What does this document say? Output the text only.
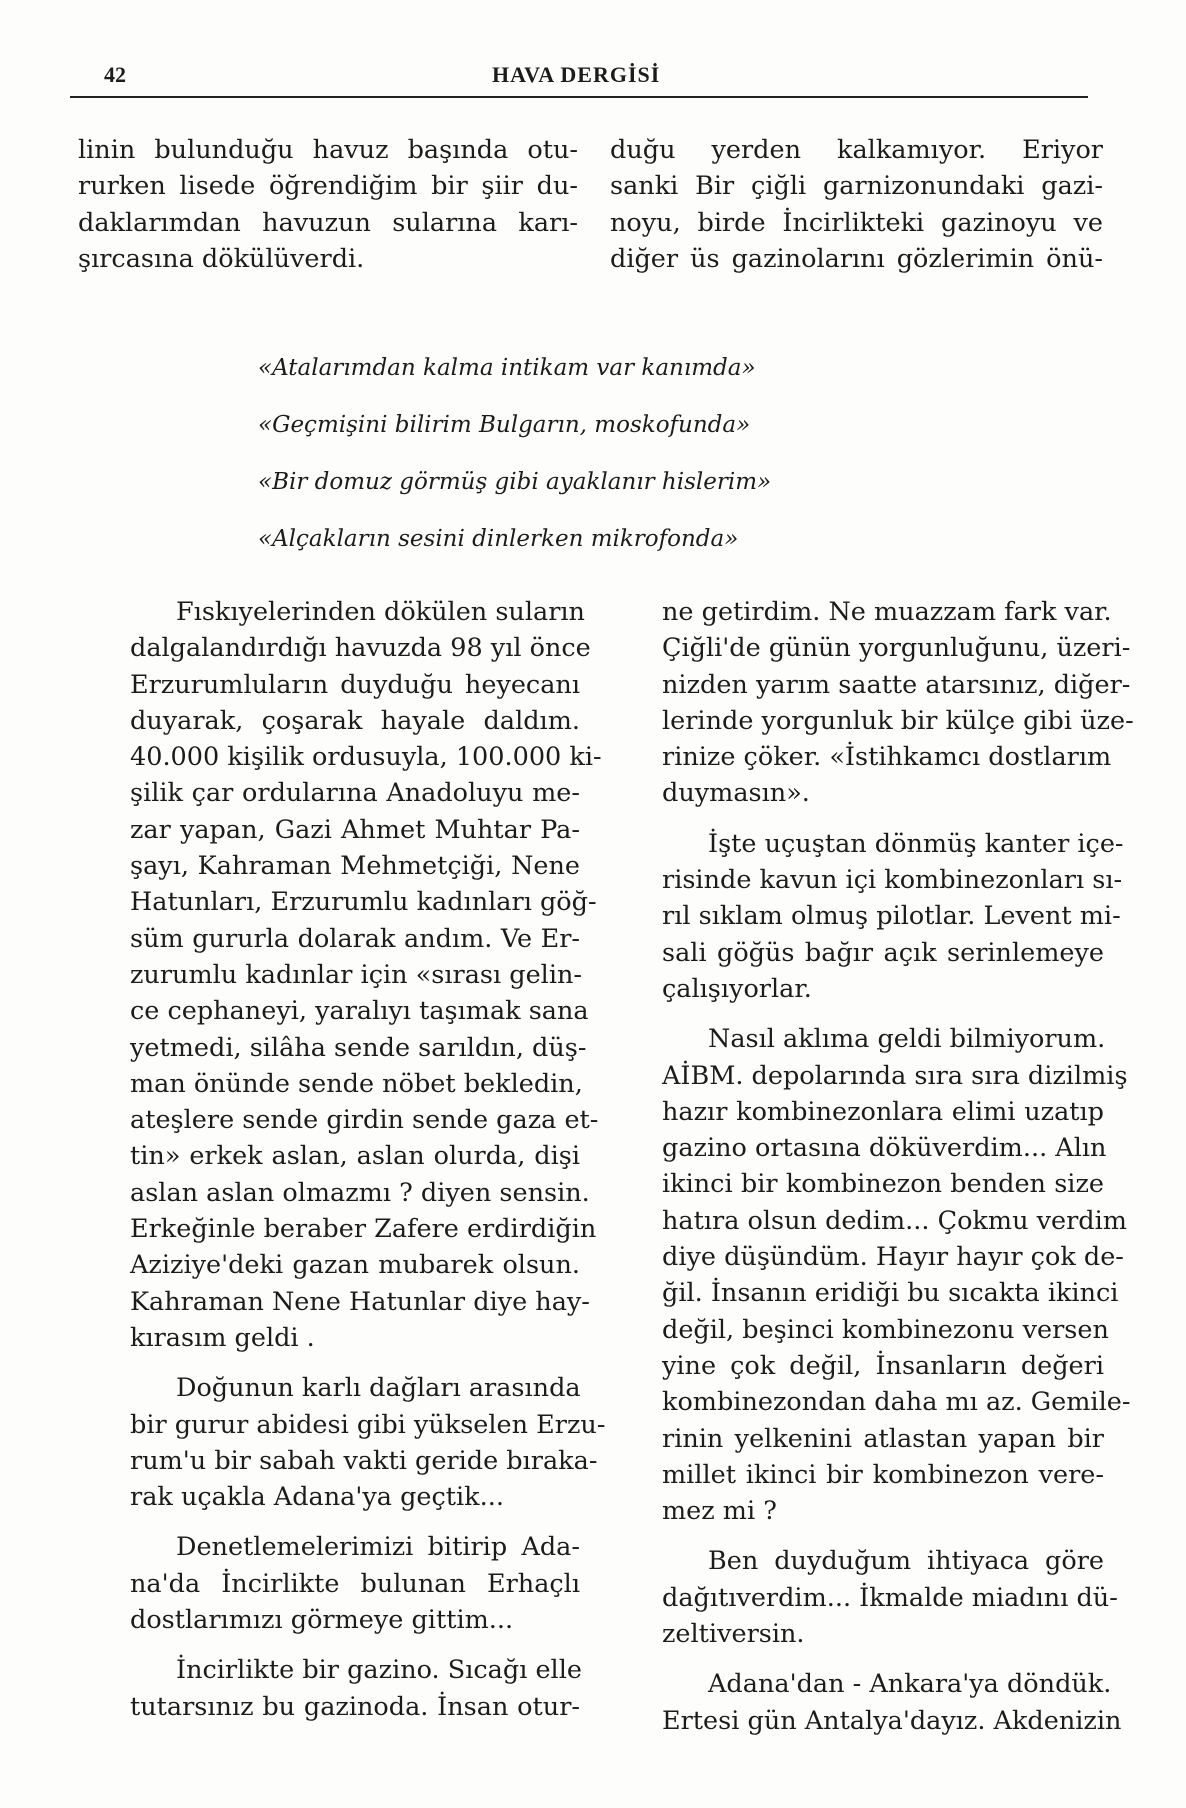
42	HAVA DERGİSİ
linin bulunduğu havuz başında otu-
rurken lisede öğrendiğim bir şiir du-
daklarımdan havuzun sularına karı-
şırcasına dökülüverdi.
duğu yerden kalkamıyor. Eriyor
sanki Bir çiğli garnizonundaki gazi-
noyu, birde İncirlikteki gazinoyu ve
diğer üs gazinolarını gözlerimin önü-
«Atalarımdan kalma intikam var kanımda»
«Geçmişini bilirim Bulgarın, moskofunda»
«Bir domuz görmüş gibi ayaklanır hislerim»
«Alçakların sesini dinlerken mikrofonda»

Fıskıyelerinden dökülen suların
dalgalandırdığı havuzda 98 yıl önce
Erzurumluların duyduğu heyecanı
duyarak, çoşarak hayale daldım.
40.000 kişilik ordusuyla, 100.000 ki-
şilik çar ordularına Anadoluyu me-
zar yapan, Gazi Ahmet Muhtar Pa-
şayı, Kahraman Mehmetçiği, Nene
Hatunları, Erzurumlu kadınları göğ-
süm gururla dolarak andım. Ve Er-
zurumlu kadınlar için «sırası gelin-
ce cephaneyi, yaralıyı taşımak sana
yetmedi, silâha sende sarıldın, düş-
man önünde sende nöbet bekledin,
ateşlere sende girdin sende gaza et-
tin» erkek aslan, aslan olurda, dişi
aslan aslan olmazmı ? diyen sensin.
Erkeğinle beraber Zafere erdirdiğin
Aziziye'deki gazan mubarek olsun.
Kahraman Nene Hatunlar diye hay-
kırasım geldi .

Doğunun karlı dağları arasında
bir gurur abidesi gibi yükselen Erzu-
rum'u bir sabah vakti geride bıraka-
rak uçakla Adana'ya geçtik...

Denetlemelerimizi bitirip Ada-
na'da İncirlikte bulunan Erhaçlı
dostlarımızı görmeye gittim...

İncirlikte bir gazino. Sıcağı elle
tutarsınız bu gazinoda. İnsan otur-

ne getirdim. Ne muazzam fark var.
Çiğli'de günün yorgunluğunu, üzeri-
nizden yarım saatte atarsınız, diğer-
lerinde yorgunluk bir külçe gibi üze-
rinize çöker. «İstihkamcı dostlarım
duymasın».

İşte uçuştan dönmüş kanter içe-
risinde kavun içi kombinezonları sı-
rıl sıklam olmuş pilotlar. Levent mi-
sali göğüs bağır açık serinlemeye
çalışıyorlar.

Nasıl aklıma geldi bilmiyorum.
AİBM. depolarında sıra sıra dizilmiş
hazır kombinezonlara elimi uzatıp
gazino ortasına döküverdim... Alın
ikinci bir kombinezon benden size
hatıra olsun dedim... Çokmu verdim
diye düşündüm. Hayır hayır çok de-
ğil. İnsanın eridiği bu sıcakta ikinci
değil, beşinci kombinezonu versen
yine çok değil, İnsanların değeri
kombinezondan daha mı az. Gemile-
rinin yelkenini atlastan yapan bir
millet ikinci bir kombinezon vere-
mez mi ?

Ben duyduğum ihtiyaca göre
dağıtıverdim... İkmalde miadını dü-
zeltiversin.

Adana'dan - Ankara'ya döndük.
Ertesi gün Antalya'dayız. Akdenizin
